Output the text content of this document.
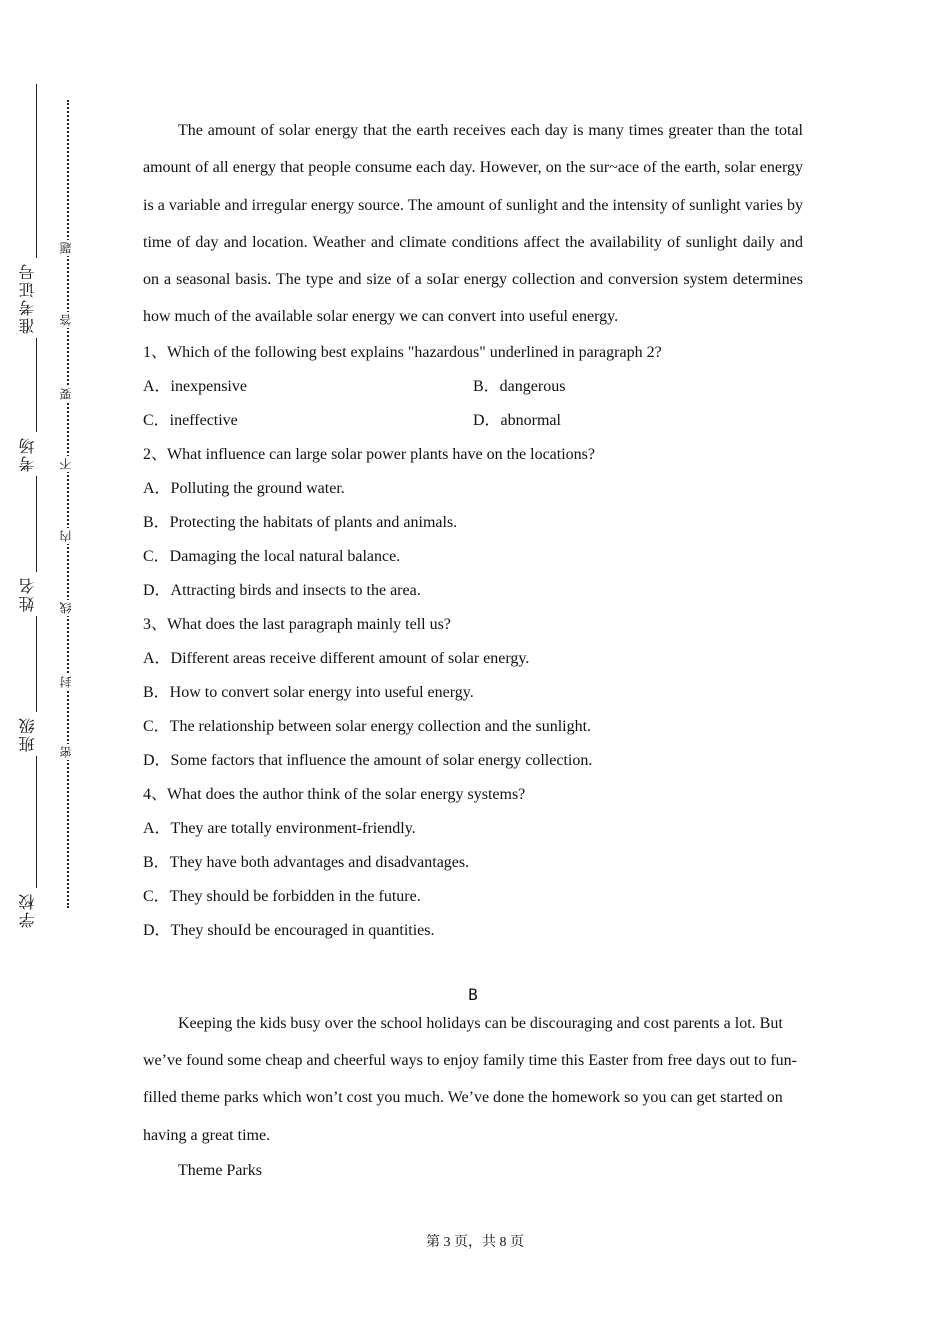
学校
班级
姓名
考场
准考证号
密
封
线
内
不
要
答
题

The amount of solar energy that the earth receives each day is many times greater than the total amount of all energy that people consume each day. However, on the sur~ace of the earth, solar energy is a variable and irregular energy source. The amount of sunlight and the intensity of sunlight varies by time of day and location. Weather and climate conditions affect the availability of sunlight daily and on a seasonal basis. The type and size of a soIar energy collection and conversion system determines how much of the available solar energy we can convert into useful energy.

1、Which of the following best explains "hazardous" underlined in paragraph 2?

A．inexpensive	B．dangerous
C．ineffective	D．abnormal

2、What influence can large solar power plants have on the locations?

A．Polluting the ground water.

B．Protecting the habitats of plants and animals.

C．Damaging the local natural balance.

D．Attracting birds and insects to the area.

3、What does the last paragraph mainly tell us?

A．Different areas receive different amount of solar energy.

B．How to convert solar energy into useful energy.

C．The relationship between solar energy collection and the sunlight.

D．Some factors that influence the amount of solar energy collection.

4、What does the author think of the solar energy systems?

A．They are totally environment-friendly.

B．They have both advantages and disadvantages.

C．They should be forbidden in the future.

D．They shouId be encouraged in quantities.

B

Keeping the kids busy over the school holidays can be discouraging and cost parents a lot. But we’ve found some cheap and cheerful ways to enjoy family time this Easter from free days out to fun-filled theme parks which won’t cost you much. We’ve done the homework so you can get started on having a great time.

Theme Parks

第 3 页，共 8 页
